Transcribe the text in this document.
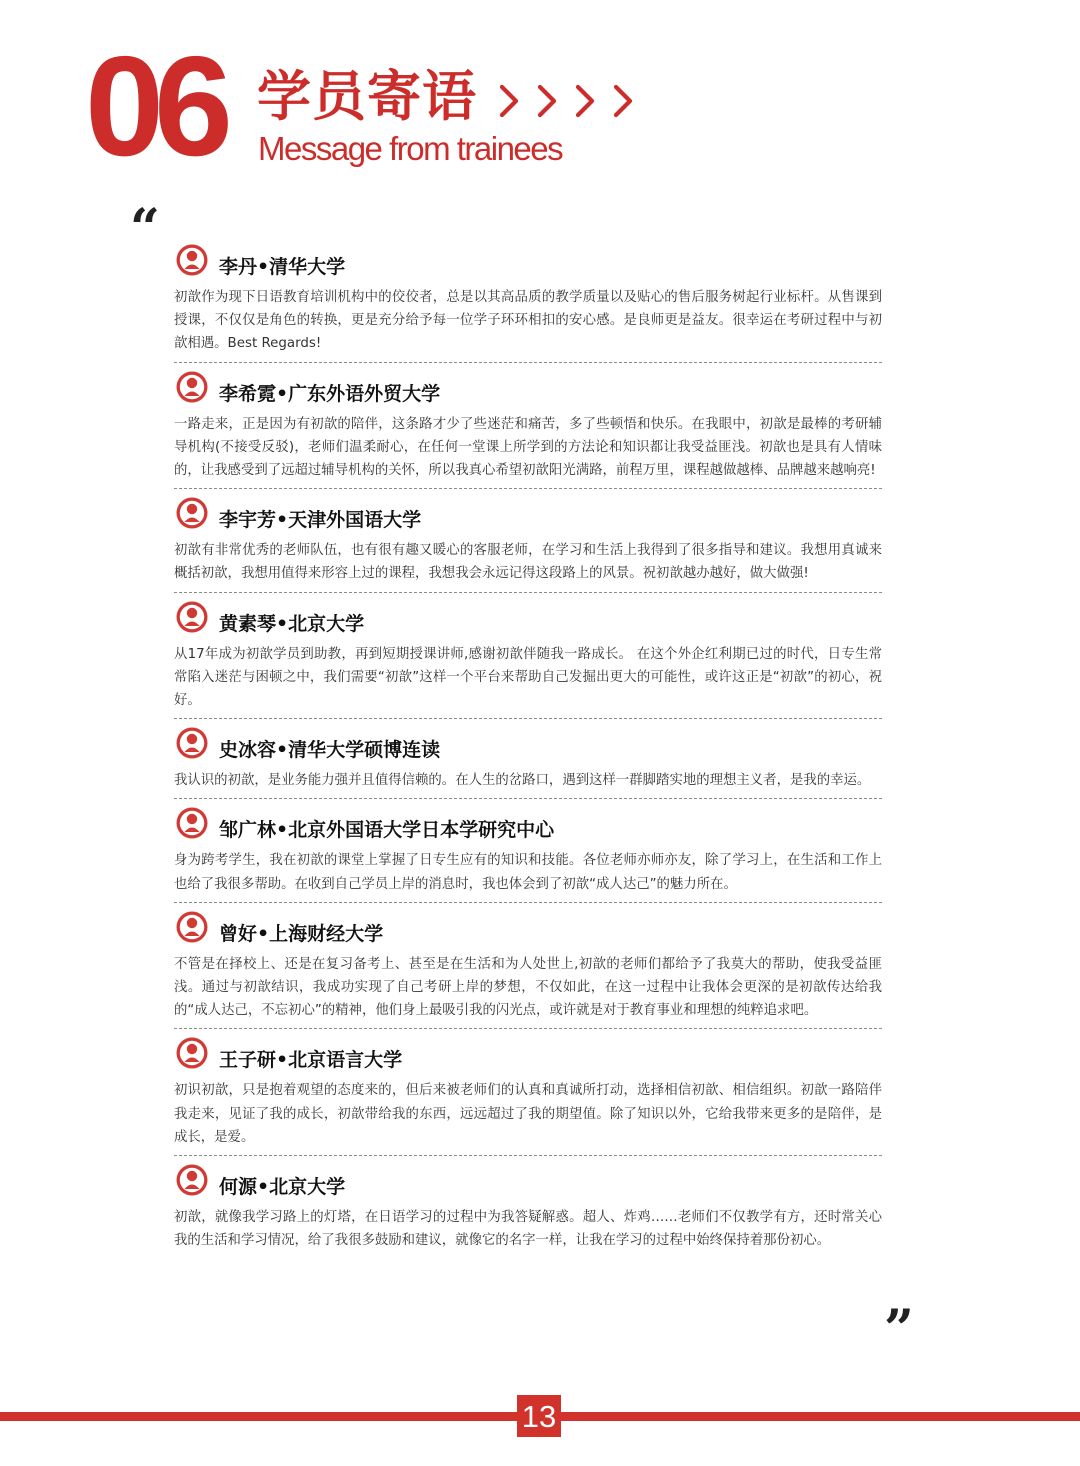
06 学员寄语
Message from trainees
“
李丹•清华大学

初歆作为现下日语教育培训机构中的佼佼者，总是以其高品质的教学质量以及贴心的售后服务树起行业标杆。从售课到授课，不仅仅是角色的转换，更是充分给予每一位学子环环相扣的安心感。是良师更是益友。很幸运在考研过程中与初歆相遇。Best Regards!

李希霓•广东外语外贸大学

一路走来，正是因为有初歆的陪伴，这条路才少了些迷茫和痛苦，多了些顿悟和快乐。在我眼中，初歆是最棒的考研辅导机构(不接受反驳)，老师们温柔耐心，在任何一堂课上所学到的方法论和知识都让我受益匪浅。初歆也是具有人情味的，让我感受到了远超过辅导机构的关怀，所以我真心希望初歆阳光满路，前程万里，课程越做越棒、品牌越来越响亮!

李宇芳•天津外国语大学

初歆有非常优秀的老师队伍，也有很有趣又暖心的客服老师，在学习和生活上我得到了很多指导和建议。我想用真诚来概括初歆，我想用值得来形容上过的课程，我想我会永远记得这段路上的风景。祝初歆越办越好，做大做强!

黄素琴•北京大学

从17年成为初歆学员到助教，再到短期授课讲师,感谢初歆伴随我一路成长。 在这个外企红利期已过的时代，日专生常常陷入迷茫与困顿之中，我们需要“初歆”这样一个平台来帮助自己发掘出更大的可能性，或许这正是“初歆”的初心，祝好。

史冰容•清华大学硕博连读

我认识的初歆，是业务能力强并且值得信赖的。在人生的岔路口，遇到这样一群脚踏实地的理想主义者，是我的幸运。

邹广林•北京外国语大学日本学研究中心

身为跨考学生，我在初歆的课堂上掌握了日专生应有的知识和技能。各位老师亦师亦友，除了学习上，在生活和工作上也给了我很多帮助。在收到自己学员上岸的消息时，我也体会到了初歆“成人达己”的魅力所在。

曾好•上海财经大学

不管是在择校上、还是在复习备考上、甚至是在生活和为人处世上,初歆的老师们都给予了我莫大的帮助，使我受益匪浅。通过与初歆结识，我成功实现了自己考研上岸的梦想，不仅如此，在这一过程中让我体会更深的是初歆传达给我的“成人达己，不忘初心”的精神，他们身上最吸引我的闪光点，或许就是对于教育事业和理想的纯粹追求吧。

王子研•北京语言大学

初识初歆，只是抱着观望的态度来的，但后来被老师们的认真和真诚所打动，选择相信初歆、相信组织。初歆一路陪伴我走来，见证了我的成长，初歆带给我的东西，远远超过了我的期望值。除了知识以外，它给我带来更多的是陪伴，是成长，是爱。

何源•北京大学

初歆，就像我学习路上的灯塔，在日语学习的过程中为我答疑解惑。超人、炸鸡……老师们不仅教学有方，还时常关心我的生活和学习情况，给了我很多鼓励和建议，就像它的名字一样，让我在学习的过程中始终保持着那份初心。

”
13
